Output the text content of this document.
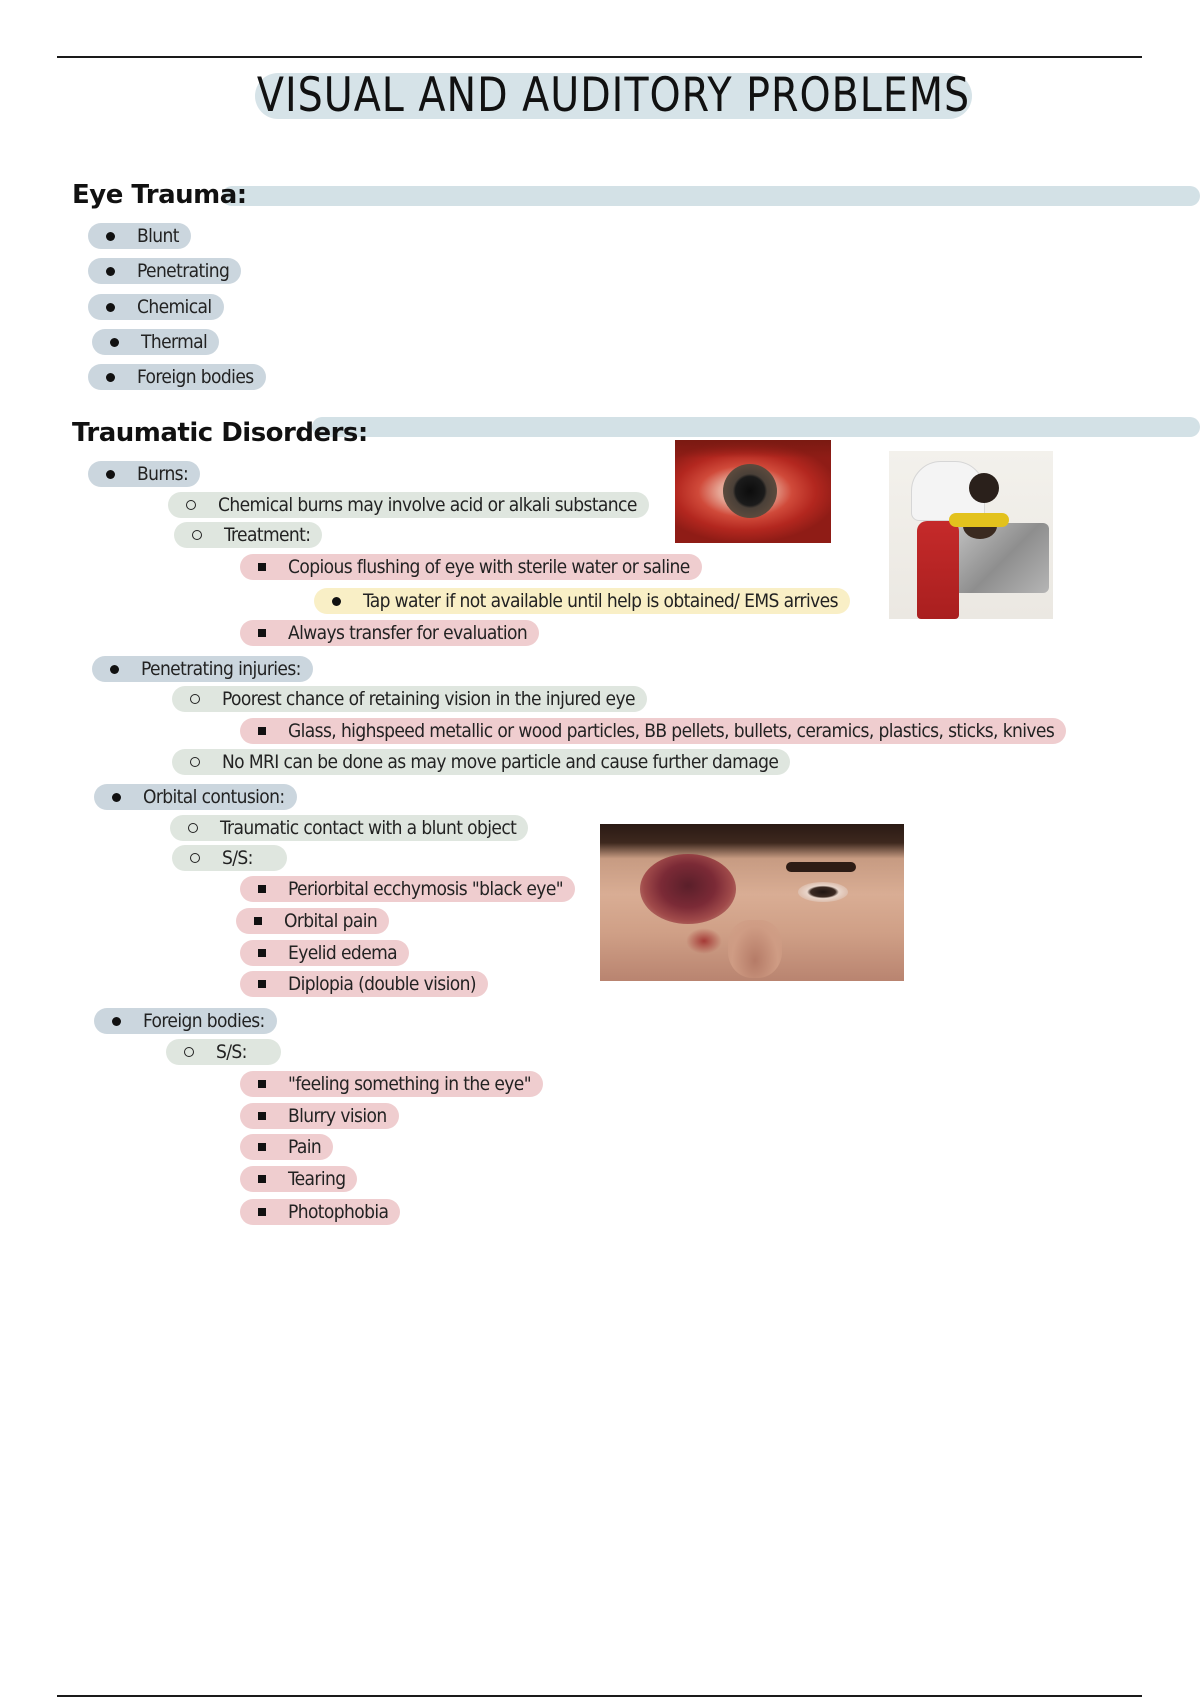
VISUAL AND AUDITORY PROBLEMS
Eye Trauma:
Blunt
Penetrating
Chemical
Thermal
Foreign bodies
Traumatic Disorders:
Burns:
Chemical burns may involve acid or alkali substance
Treatment:
Copious flushing of eye with sterile water or saline
Tap water if not available until help is obtained/ EMS arrives
Always transfer for evaluation
Penetrating injuries:
Poorest chance of retaining vision in the injured eye
Glass, highspeed metallic or wood particles, BB pellets, bullets, ceramics, plastics, sticks, knives
No MRI can be done as may move particle and cause further damage
Orbital contusion:
Traumatic contact with a blunt object
S/S:
Periorbital ecchymosis "black eye"
Orbital pain
Eyelid edema
Diplopia (double vision)
Foreign bodies:
S/S:
"feeling something in the eye"
Blurry vision
Pain
Tearing
Photophobia
